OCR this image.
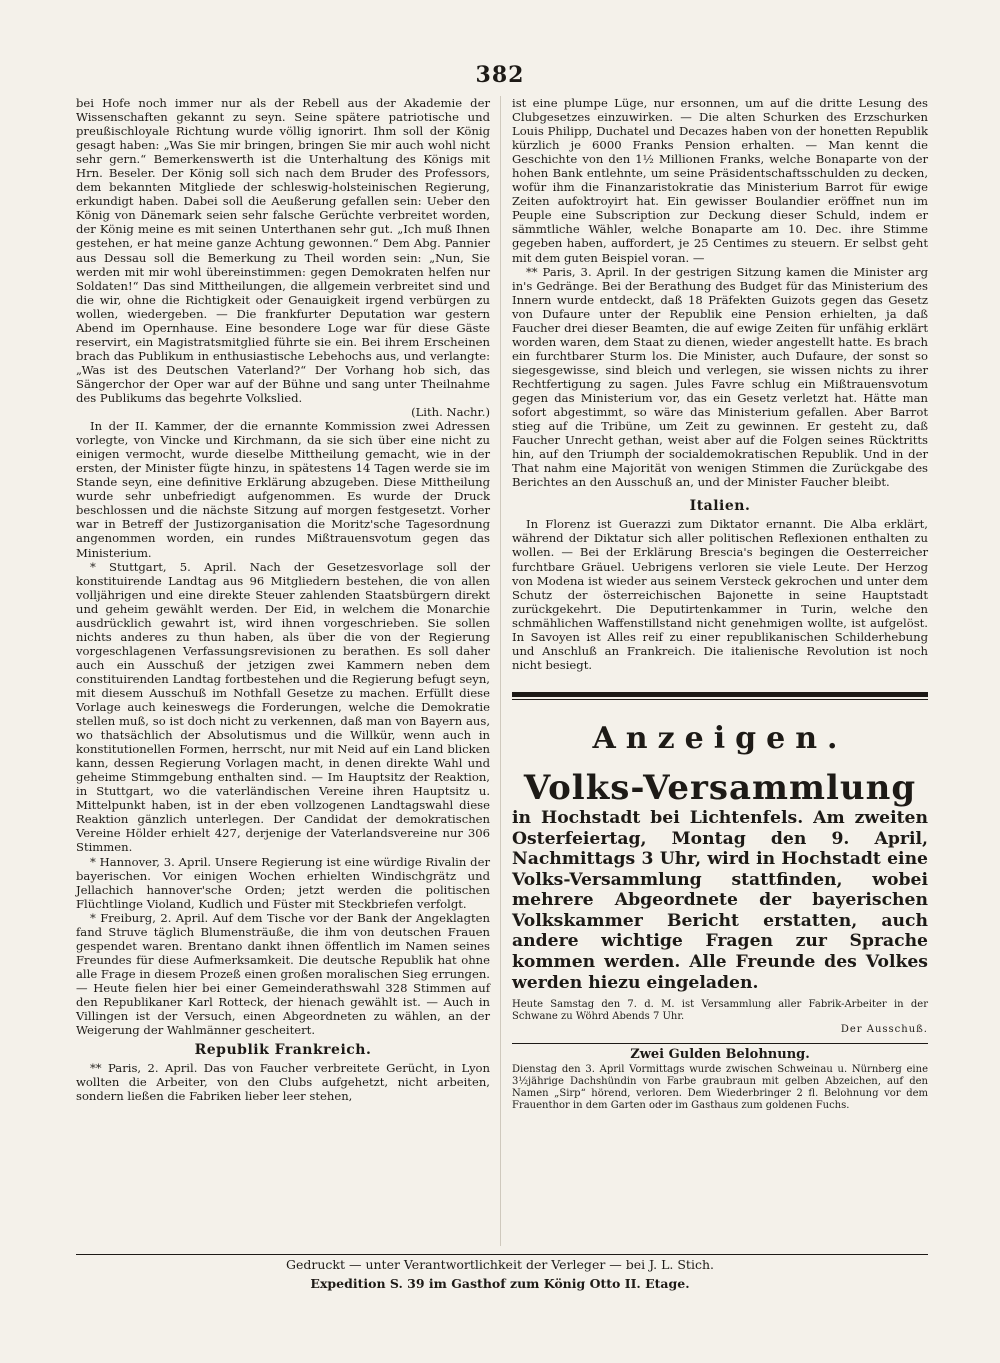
382

bei Hofe noch immer nur als der Rebell aus der Akademie der Wissenschaften gekannt zu seyn. Seine spätere patriotische und preußischloyale Richtung wurde völlig ignorirt. Ihm soll der König gesagt haben: „Was Sie mir bringen, bringen Sie mir auch wohl nicht sehr gern.“ Bemerkenswerth ist die Unterhaltung des Königs mit Hrn. Beseler. Der König soll sich nach dem Bruder des Professors, dem bekannten Mitgliede der schleswig-holsteinischen Regierung, erkundigt haben. Dabei soll die Aeußerung gefallen sein: Ueber den König von Dänemark seien sehr falsche Gerüchte verbreitet worden, der König meine es mit seinen Unterthanen sehr gut. „Ich muß Ihnen gestehen, er hat meine ganze Achtung gewonnen.“ Dem Abg. Pannier aus Dessau soll die Bemerkung zu Theil worden sein: „Nun, Sie werden mit mir wohl übereinstimmen: gegen Demokraten helfen nur Soldaten!“ Das sind Mittheilungen, die allgemein verbreitet sind und die wir, ohne die Richtigkeit oder Genauigkeit irgend verbürgen zu wollen, wiedergeben. — Die frankfurter Deputation war gestern Abend im Opernhause. Eine besondere Loge war für diese Gäste reservirt, ein Magistratsmitglied führte sie ein. Bei ihrem Erscheinen brach das Publikum in enthusiastische Lebehochs aus, und verlangte: „Was ist des Deutschen Vaterland?“ Der Vorhang hob sich, das Sängerchor der Oper war auf der Bühne und sang unter Theilnahme des Publikums das begehrte Volkslied.

(Lith. Nachr.)

In der II. Kammer, der die ernannte Kommission zwei Adressen vorlegte, von Vincke und Kirchmann, da sie sich über eine nicht zu einigen vermocht, wurde dieselbe Mittheilung gemacht, wie in der ersten, der Minister fügte hinzu, in spätestens 14 Tagen werde sie im Stande seyn, eine definitive Erklärung abzugeben. Diese Mittheilung wurde sehr unbefriedigt aufgenommen. Es wurde der Druck beschlossen und die nächste Sitzung auf morgen festgesetzt. Vorher war in Betreff der Justizorganisation die Moritz'sche Tagesordnung angenommen worden, ein rundes Mißtrauensvotum gegen das Ministerium.

* Stuttgart, 5. April. Nach der Gesetzesvorlage soll der konstituirende Landtag aus 96 Mitgliedern bestehen, die von allen volljährigen und eine direkte Steuer zahlenden Staatsbürgern direkt und geheim gewählt werden. Der Eid, in welchem die Monarchie ausdrücklich gewahrt ist, wird ihnen vorgeschrieben. Sie sollen nichts anderes zu thun haben, als über die von der Regierung vorgeschlagenen Verfassungsrevisionen zu berathen. Es soll daher auch ein Ausschuß der jetzigen zwei Kammern neben dem constituirenden Landtag fortbestehen und die Regierung befugt seyn, mit diesem Ausschuß im Nothfall Gesetze zu machen. Erfüllt diese Vorlage auch keineswegs die Forderungen, welche die Demokratie stellen muß, so ist doch nicht zu verkennen, daß man von Bayern aus, wo thatsächlich der Absolutismus und die Willkür, wenn auch in konstitutionellen Formen, herrscht, nur mit Neid auf ein Land blicken kann, dessen Regierung Vorlagen macht, in denen direkte Wahl und geheime Stimmgebung enthalten sind. — Im Hauptsitz der Reaktion, in Stuttgart, wo die vaterländischen Vereine ihren Hauptsitz u. Mittelpunkt haben, ist in der eben vollzogenen Landtagswahl diese Reaktion gänzlich unterlegen. Der Candidat der demokratischen Vereine Hölder erhielt 427, derjenige der Vaterlandsvereine nur 306 Stimmen.

* Hannover, 3. April. Unsere Regierung ist eine würdige Rivalin der bayerischen. Vor einigen Wochen erhielten Windischgrätz und Jellachich hannover'sche Orden; jetzt werden die politischen Flüchtlinge Violand, Kudlich und Füster mit Steckbriefen verfolgt.

* Freiburg, 2. April. Auf dem Tische vor der Bank der Angeklagten fand Struve täglich Blumensträuße, die ihm von deutschen Frauen gespendet waren. Brentano dankt ihnen öffentlich im Namen seines Freundes für diese Aufmerksamkeit. Die deutsche Republik hat ohne alle Frage in diesem Prozeß einen großen moralischen Sieg errungen. — Heute fielen hier bei einer Gemeinderathswahl 328 Stimmen auf den Republikaner Karl Rotteck, der hienach gewählt ist. — Auch in Villingen ist der Versuch, einen Abgeordneten zu wählen, an der Weigerung der Wahlmänner gescheitert.

Republik Frankreich.

** Paris, 2. April. Das von Faucher verbreitete Gerücht, in Lyon wollten die Arbeiter, von den Clubs aufgehetzt, nicht arbeiten, sondern ließen die Fabriken lieber leer stehen,

ist eine plumpe Lüge, nur ersonnen, um auf die dritte Lesung des Clubgesetzes einzuwirken. — Die alten Schurken des Erzschurken Louis Philipp, Duchatel und Decazes haben von der honetten Republik kürzlich je 6000 Franks Pension erhalten. — Man kennt die Geschichte von den 1½ Millionen Franks, welche Bonaparte von der hohen Bank entlehnte, um seine Präsidentschaftsschulden zu decken, wofür ihm die Finanzaristokratie das Ministerium Barrot für ewige Zeiten aufoktroyirt hat. Ein gewisser Boulandier eröffnet nun im Peuple eine Subscription zur Deckung dieser Schuld, indem er sämmtliche Wähler, welche Bonaparte am 10. Dec. ihre Stimme gegeben haben, auffordert, je 25 Centimes zu steuern. Er selbst geht mit dem guten Beispiel voran. —

** Paris, 3. April. In der gestrigen Sitzung kamen die Minister arg in's Gedränge. Bei der Berathung des Budget für das Ministerium des Innern wurde entdeckt, daß 18 Präfekten Guizots gegen das Gesetz von Dufaure unter der Republik eine Pension erhielten, ja daß Faucher drei dieser Beamten, die auf ewige Zeiten für unfähig erklärt worden waren, dem Staat zu dienen, wieder angestellt hatte. Es brach ein furchtbarer Sturm los. Die Minister, auch Dufaure, der sonst so siegesgewisse, sind bleich und verlegen, sie wissen nichts zu ihrer Rechtfertigung zu sagen. Jules Favre schlug ein Mißtrauensvotum gegen das Ministerium vor, das ein Gesetz verletzt hat. Hätte man sofort abgestimmt, so wäre das Ministerium gefallen. Aber Barrot stieg auf die Tribüne, um Zeit zu gewinnen. Er gesteht zu, daß Faucher Unrecht gethan, weist aber auf die Folgen seines Rücktritts hin, auf den Triumph der socialdemokratischen Republik. Und in der That nahm eine Majorität von wenigen Stimmen die Zurückgabe des Berichtes an den Ausschuß an, und der Minister Faucher bleibt.

Italien.

In Florenz ist Guerazzi zum Diktator ernannt. Die Alba erklärt, während der Diktatur sich aller politischen Reflexionen enthalten zu wollen. — Bei der Erklärung Brescia's begingen die Oesterreicher furchtbare Gräuel. Uebrigens verloren sie viele Leute. Der Herzog von Modena ist wieder aus seinem Versteck gekrochen und unter dem Schutz der österreichischen Bajonette in seine Hauptstadt zurückgekehrt. Die Deputirtenkammer in Turin, welche den schmählichen Waffenstillstand nicht genehmigen wollte, ist aufgelöst. In Savoyen ist Alles reif zu einer republikanischen Schilderhebung und Anschluß an Frankreich. Die italienische Revolution ist noch nicht besiegt.

Anzeigen.
Volks-Versammlung

in Hochstadt bei Lichtenfels. Am zweiten Osterfeiertag, Montag den 9. April, Nachmittags 3 Uhr, wird in Hochstadt eine Volks-Versammlung stattfinden, wobei mehrere Abgeordnete der bayerischen Volkskammer Bericht erstatten, auch andere wichtige Fragen zur Sprache kommen werden. Alle Freunde des Volkes werden hiezu eingeladen.

Heute Samstag den 7. d. M. ist Versammlung aller Fabrik-Arbeiter in der Schwane zu Wöhrd Abends 7 Uhr.
Der Ausschuß.
Zwei Gulden Belohnung.
Dienstag den 3. April Vormittags wurde zwischen Schweinau u. Nürnberg eine 3½jährige Dachshündin von Farbe graubraun mit gelben Abzeichen, auf den Namen „Sirp“ hörend, verloren. Dem Wiederbringer 2 fl. Belohnung vor dem Frauenthor in dem Garten oder im Gasthaus zum goldenen Fuchs.
Gedruckt — unter Verantwortlichkeit der Verleger — bei J. L. Stich.
Expedition S. 39 im Gasthof zum König Otto II. Etage.
